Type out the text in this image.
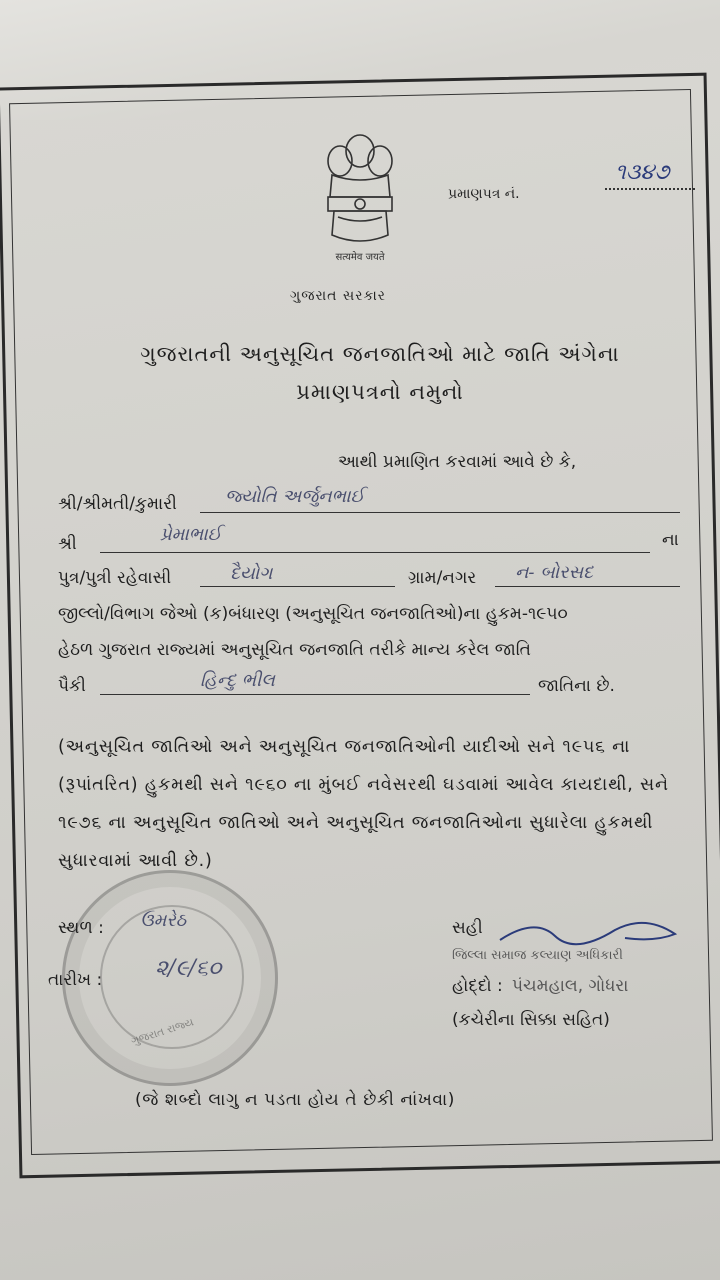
सत्यमेव जयते
ગુજરાત સરકાર
પ્રમાણપત્ર નં.
૧૩૪૭
ગુજરાતની અનુસૂચિત જનજાતિઓ માટે જાતિ અંગેના
પ્રમાણપત્રનો નમુનો
આથી પ્રમાણિત કરવામાં આવે છે કે,
શ્રી/શ્રીમતી/કુમારી	જ્યોતિ અર્જુનભાઈ
શ્રી	પ્રેમાભાઈ	ના
પુત્ર/પુત્રી રહેવાસી	દૈયોગ	ગ્રામ/નગર ન- બોરસદ
જીલ્લો/વિભાગ જેઓ (ક)બંધારણ (અનુસૂચિત જનજાતિઓ)ના હુકમ-૧૯૫૦
હેઠળ ગુજરાત રાજ્યમાં અનુસૂચિત જનજાતિ તરીકે માન્ય કરેલ જાતિ
પૈકી	હિન્દુ ભીલ	જાતિના છે.
(અનુસૂચિત જાતિઓ અને અનુસૂચિત જનજાતિઓની યાદીઓ સને ૧૯૫૬ ના (રૂપાંતરિત) હુકમથી સને ૧૯૬૦ ના મુંબઈ નવેસરથી ઘડવામાં આવેલ કાયદાથી, સને ૧૯૭૬ ના અનુસૂચિત જાતિઓ અને અનુસૂચિત જનજાતિઓના સુધારેલા હુકમથી સુધારવામાં આવી છે.)
ગુજરાત રાજ્ય
સ્થળ : ઉમરેઠ
તારીખ : ૨/૯/૬૦
સહી
જિલ્લા સમાજ કલ્યાણ અધિકારી
હોદ્દો : પંચમહાલ, ગોધરા
(કચેરીના સિક્કા સહિત)
(જે શબ્દો લાગુ ન પડતા હોય તે છેકી નાંખવા)
